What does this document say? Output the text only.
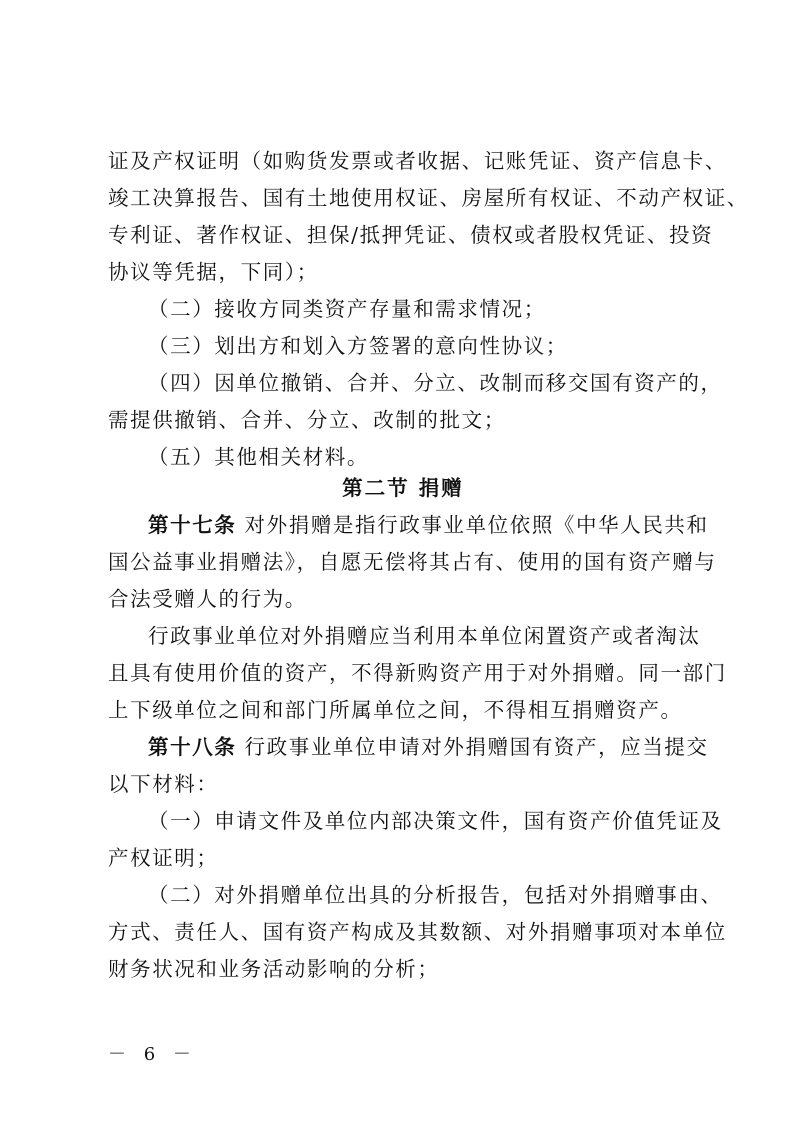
证及产权证明（如购货发票或者收据、记账凭证、资产信息卡、
竣工决算报告、国有土地使用权证、房屋所有权证、不动产权证、
专利证、著作权证、担保/抵押凭证、债权或者股权凭证、投资
协议等凭据，下同）；
（二）接收方同类资产存量和需求情况；
（三）划出方和划入方签署的意向性协议；
（四）因单位撤销、合并、分立、改制而移交国有资产的，
需提供撤销、合并、分立、改制的批文；
（五）其他相关材料。
第二节 捐赠
第十七条 对外捐赠是指行政事业单位依照《中华人民共和
国公益事业捐赠法》，自愿无偿将其占有、使用的国有资产赠与
合法受赠人的行为。
行政事业单位对外捐赠应当利用本单位闲置资产或者淘汰
且具有使用价值的资产，不得新购资产用于对外捐赠。同一部门
上下级单位之间和部门所属单位之间，不得相互捐赠资产。
第十八条 行政事业单位申请对外捐赠国有资产，应当提交
以下材料：
（一）申请文件及单位内部决策文件，国有资产价值凭证及
产权证明；
（二）对外捐赠单位出具的分析报告，包括对外捐赠事由、
方式、责任人、国有资产构成及其数额、对外捐赠事项对本单位
财务状况和业务活动影响的分析；
－ 6 －
